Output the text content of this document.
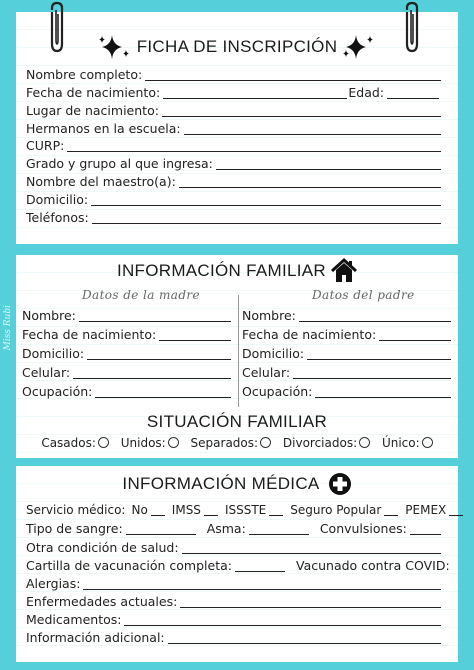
Miss Rubi
FICHA DE INSCRIPCIÓN
Nombre completo:
Fecha de nacimiento:	Edad:
Lugar de nacimiento:
Hermanos en la escuela:
CURP:
Grado y grupo al que ingresa:
Nombre del maestro(a):
Domicilio:
Teléfonos:
INFORMACIÓN FAMILIAR
Datos de la madre	Datos del padre
Nombre:
Fecha de nacimiento:
Domicilio:
Celular:
Ocupación:
Nombre:
Fecha de nacimiento:
Domicilio:
Celular:
Ocupación:
SITUACIÓN FAMILIAR
Casados: Unidos: Separados: Divorciados: Único:
INFORMACIÓN MÉDICA
Servicio médico: No IMSS ISSSTE Seguro Popular PEMEX
Tipo de sangre:	Asma:	Convulsiones:
Otra condición de salud:
Cartilla de vacunación completa:	Vacunado contra COVID:
Alergias:
Enfermedades actuales:
Medicamentos:
Información adicional:
